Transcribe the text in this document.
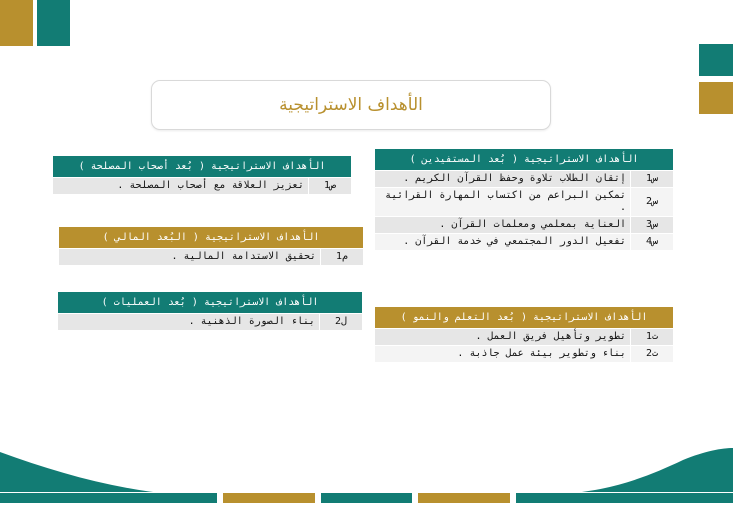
الأهداف الاستراتيجية
الأهداف الاستراتيجية ( بُعد المستفيدين )	
س1	إتقان الطلاب تلاوة وحفظ القرآن الكريم .
س2	تمكين البراعم من اكتساب المهارة القرائية .
س3	العناية بمعلمي ومعلمات القرآن .
س4	تفعيل الدور المجتمعي في خدمة القرآن .
الأهداف الاستراتيجية ( بُعد التعلم والنمو )	
ت1	تطوير وتأهيل فريق العمل .
ت2	بناء وتطوير بيئة عمل جاذبة .
الأهداف الاستراتيجية ( بُعد أصحاب المصلحة )
ص1	تعزيز العلاقة مع أصحاب المصلحة .
الأهداف الاستراتيجية ( البُعد المالي )
م1	تحقيق الاستدامة المالية .
الأهداف الاستراتيجية ( بُعد العمليات )
ل2	بناء الصورة الذهنية .
